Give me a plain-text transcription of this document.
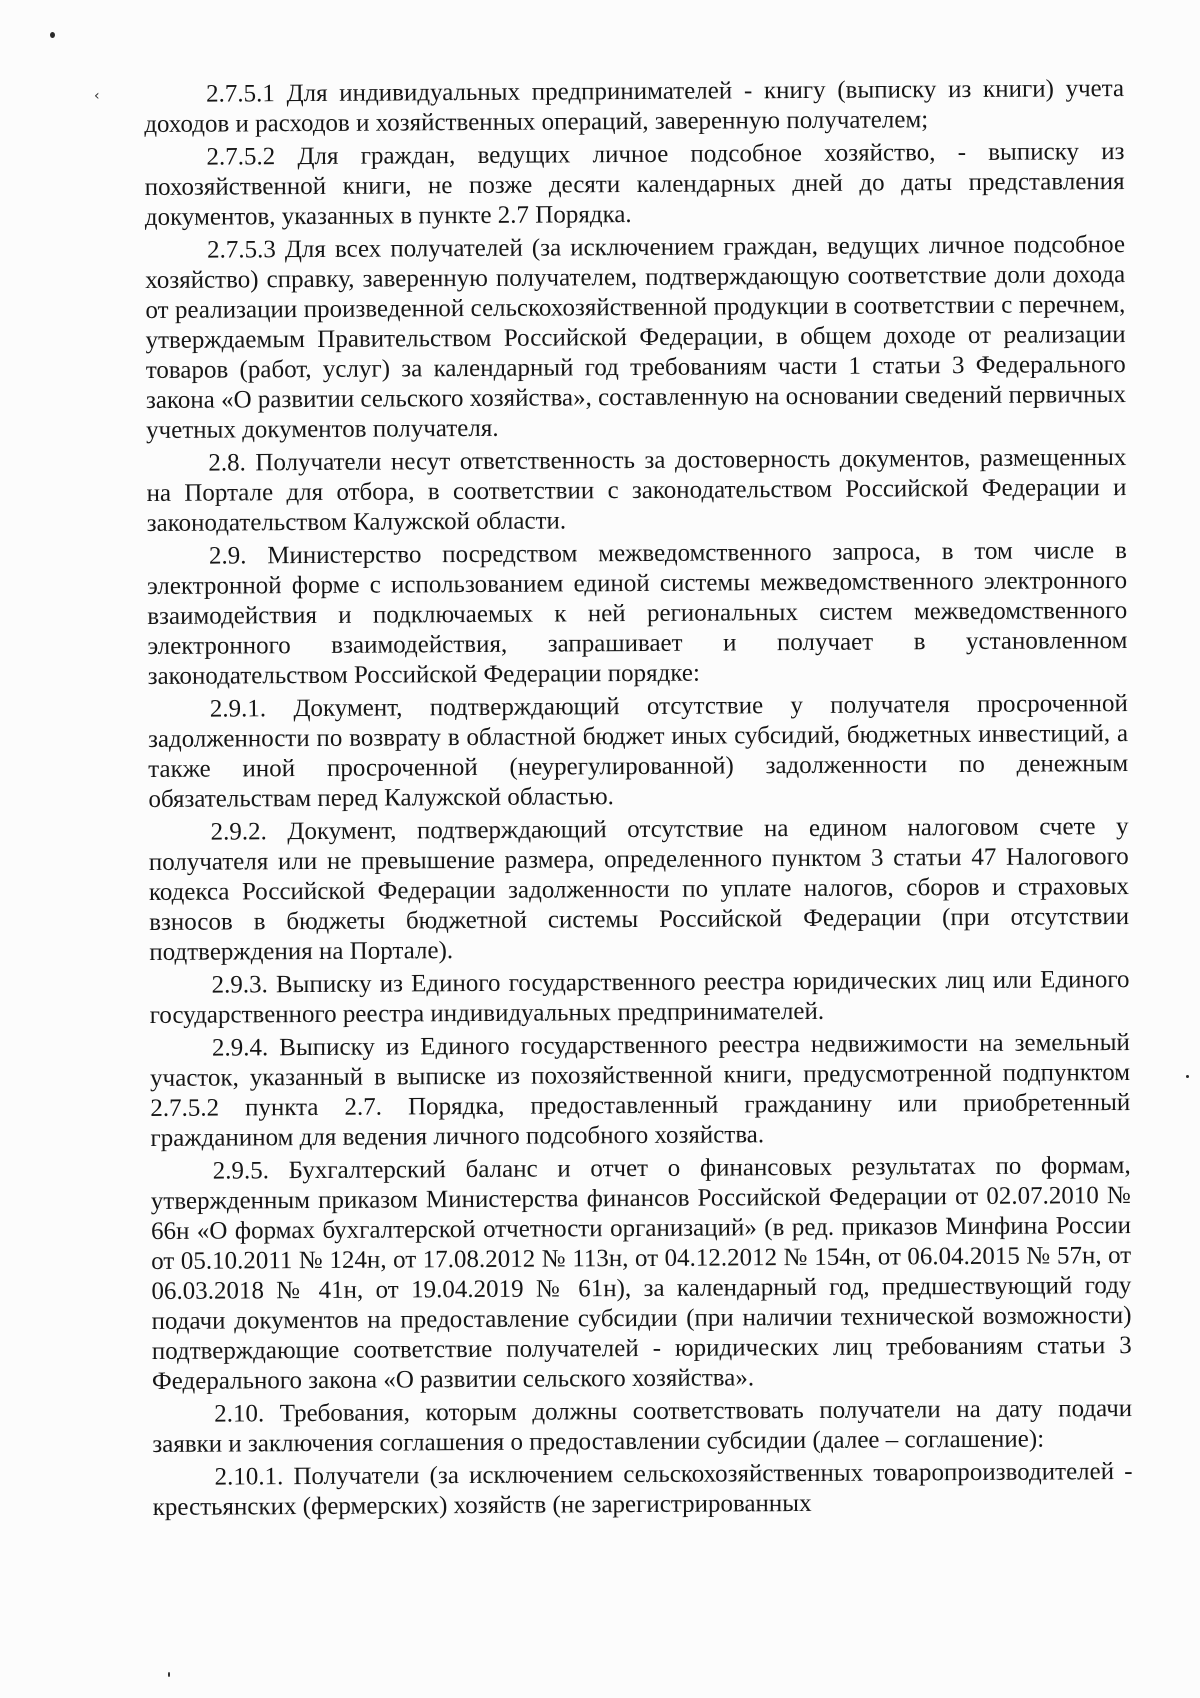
‹	2.7.5.1 Для индивидуальных предпринимателей - книгу (выписку из книги) учета доходов и расходов и хозяйственных операций, заверенную получателем;

2.7.5.2 Для граждан, ведущих личное подсобное хозяйство, - выписку из похозяйственной книги, не позже десяти календарных дней до даты представления документов, указанных в пункте 2.7 Порядка.

2.7.5.3 Для всех получателей (за исключением граждан, ведущих личное подсобное хозяйство) справку, заверенную получателем, подтверждающую соответствие доли дохода от реализации произведенной сельскохозяйственной продукции в соответствии с перечнем, утверждаемым Правительством Российской Федерации, в общем доходе от реализации товаров (работ, услуг) за календарный год требованиям части 1 статьи 3 Федерального закона «О развитии сельского хозяйства», составленную на основании сведений первичных учетных документов получателя.

2.8. Получатели несут ответственность за достоверность документов, размещенных на Портале для отбора, в соответствии с законодательством Российской Федерации и законодательством Калужской области.

2.9. Министерство посредством межведомственного запроса, в том числе в электронной форме с использованием единой системы межведомственного электронного взаимодействия и подключаемых к ней региональных систем межведомственного электронного взаимодействия, запрашивает и получает в установленном законодательством Российской Федерации порядке:

2.9.1. Документ, подтверждающий отсутствие у получателя просроченной задолженности по возврату в областной бюджет иных субсидий, бюджетных инвестиций, а также иной просроченной (неурегулированной) задолженности по денежным обязательствам перед Калужской областью.

2.9.2. Документ, подтверждающий отсутствие на едином налоговом счете у получателя или не превышение размера, определенного пунктом 3 статьи 47 Налогового кодекса Российской Федерации задолженности по уплате налогов, сборов и страховых взносов в бюджеты бюджетной системы Российской Федерации (при отсутствии подтверждения на Портале).

2.9.3. Выписку из Единого государственного реестра юридических лиц или Единого государственного реестра индивидуальных предпринимателей.

2.9.4. Выписку из Единого государственного реестра недвижимости на земельный участок, указанный в выписке из похозяйственной книги, предусмотренной подпунктом 2.7.5.2 пункта 2.7. Порядка, предоставленный гражданину или приобретенный гражданином для ведения личного подсобного хозяйства.

2.9.5. Бухгалтерский баланс и отчет о финансовых результатах по формам, утвержденным приказом Министерства финансов Российской Федерации от 02.07.2010 № 66н «О формах бухгалтерской отчетности организаций» (в ред. приказов Минфина России от 05.10.2011 № 124н, от 17.08.2012 № 113н, от 04.12.2012 № 154н, от 06.04.2015 № 57н, от 06.03.2018 № 41н, от 19.04.2019 № 61н), за календарный год, предшествующий году подачи документов на предоставление субсидии (при наличии технической возможности) подтверждающие соответствие получателей - юридических лиц требованиям статьи 3 Федерального закона «О развитии сельского хозяйства».

2.10. Требования, которым должны соответствовать получатели на дату подачи заявки и заключения соглашения о предоставлении субсидии (далее – соглашение):

2.10.1. Получатели (за исключением сельскохозяйственных товаропроизводителей - крестьянских (фермерских) хозяйств (не зарегистрированных
